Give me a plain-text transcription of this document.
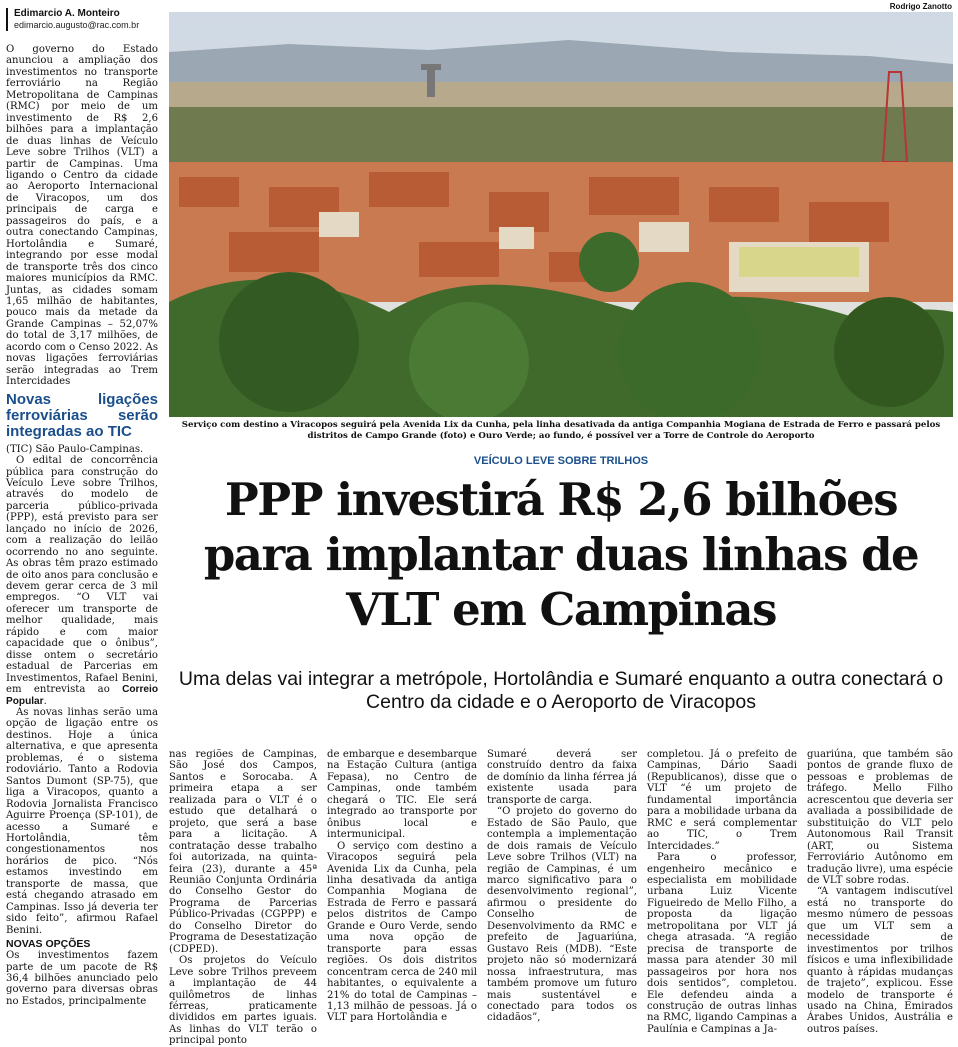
Edimarcio A. Monteiro
edimarcio.augusto@rac.com.br
Rodrigo Zanotto

O governo do Estado anunciou a ampliação dos investimentos no transporte ferroviário na Região Metropolitana de Campinas (RMC) por meio de um investimento de R$ 2,6 bilhões para a implantação de duas linhas de Veículo Leve sobre Trilhos (VLT) a partir de Campinas. Uma ligando o Centro da cidade ao Aeroporto Internacional de Viracopos, um dos principais de carga e passageiros do país, e a outra conectando Campinas, Hortolândia e Sumaré, integrando por esse modal de transporte três dos cinco maiores municípios da RMC. Juntas, as cidades somam 1,65 milhão de habitantes, pouco mais da metade da Grande Campinas – 52,07% do total de 3,17 milhões, de acordo com o Censo 2022. As novas ligações ferroviárias serão integradas ao Trem Intercidades

Novas ligações ferroviárias serão integradas ao TIC

(TIC) São Paulo-Campinas.

O edital de concorrência pública para construção do Veículo Leve sobre Trilhos, através do modelo de parceria público-privada (PPP), está previsto para ser lançado no início de 2026, com a realização do leilão ocorrendo no ano seguinte. As obras têm prazo estimado de oito anos para conclusão e devem gerar cerca de 3 mil empregos. “O VLT vai oferecer um transporte de melhor qualidade, mais rápido e com maior capacidade que o ônibus”, disse ontem o secretário estadual de Parcerias em Investimentos, Rafael Benini, em entrevista ao Correio Popular.

As novas linhas serão uma opção de ligação entre os destinos. Hoje a única alternativa, e que apresenta problemas, é o sistema rodoviário. Tanto a Rodovia Santos Dumont (SP-75), que liga a Viracopos, quanto a Rodovia Jornalista Francisco Aguirre Proença (SP-101), de acesso a Sumaré e Hortolândia, têm congestionamentos nos horários de pico. “Nós estamos investindo em transporte de massa, que está chegando atrasado em Campinas. Isso já deveria ter sido feito”, afirmou Rafael Benini.

NOVAS OPÇÕES

Os investimentos fazem parte de um pacote de R$ 36,4 bilhões anunciado pelo governo para diversas obras no Estados, principalmente

Serviço com destino a Viracopos seguirá pela Avenida Lix da Cunha, pela linha desativada da antiga Companhia Mogiana de Estrada de Ferro e passará pelos distritos de Campo Grande (foto) e Ouro Verde; ao fundo, é possível ver a Torre de Controle do Aeroporto
VEÍCULO LEVE SOBRE TRILHOS
PPP investirá R$ 2,6 bilhões para implantar duas linhas de VLT em Campinas
Uma delas vai integrar a metrópole, Hortolândia e Sumaré enquanto a outra conectará o Centro da cidade e o Aeroporto de Viracopos

nas regiões de Campinas, São José dos Campos, Santos e Sorocaba. A primeira etapa a ser realizada para o VLT é o estudo que detalhará o projeto, que será a base para a licitação. A contratação desse trabalho foi autorizada, na quinta-feira (23), durante a 45ª Reunião Conjunta Ordinária do Conselho Gestor do Programa de Parcerias Público-Privadas (CGPPP) e do Conselho Diretor do Programa de Desestatização (CDPED).

Os projetos do Veículo Leve sobre Trilhos preveem a implantação de 44 quilômetros de linhas férreas, praticamente divididos em partes iguais. As linhas do VLT terão o principal ponto

de embarque e desembarque na Estação Cultura (antiga Fepasa), no Centro de Campinas, onde também chegará o TIC. Ele será integrado ao transporte por ônibus local e intermunicipal.

O serviço com destino a Viracopos seguirá pela Avenida Lix da Cunha, pela linha desativada da antiga Companhia Mogiana de Estrada de Ferro e passará pelos distritos de Campo Grande e Ouro Verde, sendo uma nova opção de transporte para essas regiões. Os dois distritos concentram cerca de 240 mil habitantes, o equivalente a 21% do total de Campinas – 1,13 milhão de pessoas. Já o VLT para Hortolândia e

Sumaré deverá ser construído dentro da faixa de domínio da linha férrea já existente usada para transporte de carga.

“O projeto do governo do Estado de São Paulo, que contempla a implementação de dois ramais de Veículo Leve sobre Trilhos (VLT) na região de Campinas, é um marco significativo para o desenvolvimento regional”, afirmou o presidente do Conselho de Desenvolvimento da RMC e prefeito de Jaguariúna, Gustavo Reis (MDB). “Este projeto não só modernizará nossa infraestrutura, mas também promove um futuro mais sustentável e conectado para todos os cidadãos”,

completou. Já o prefeito de Campinas, Dário Saadi (Republicanos), disse que o VLT “é um projeto de fundamental importância para a mobilidade urbana da RMC e será complementar ao TIC, o Trem Intercidades.”

Para o professor, engenheiro mecânico e especialista em mobilidade urbana Luiz Vicente Figueiredo de Mello Filho, a proposta da ligação metropolitana por VLT já chega atrasada. “A região precisa de transporte de massa para atender 30 mil passageiros por hora nos dois sentidos”, completou. Ele defendeu ainda a construção de outras linhas na RMC, ligando Campinas a Paulínia e Campinas a Ja-

guariúna, que também são pontos de grande fluxo de pessoas e problemas de tráfego. Mello Filho acrescentou que deveria ser avaliada a possibilidade de substituição do VLT pelo Autonomous Rail Transit (ART, ou Sistema Ferroviário Autônomo em tradução livre), uma espécie de VLT sobre rodas.

“A vantagem indiscutível está no transporte do mesmo número de pessoas que um VLT sem a necessidade de investimentos por trilhos físicos e uma inflexibilidade quanto à rápidas mudanças de trajeto”, explicou. Esse modelo de transporte é usado na China, Emirados Árabes Unidos, Austrália e outros países.
